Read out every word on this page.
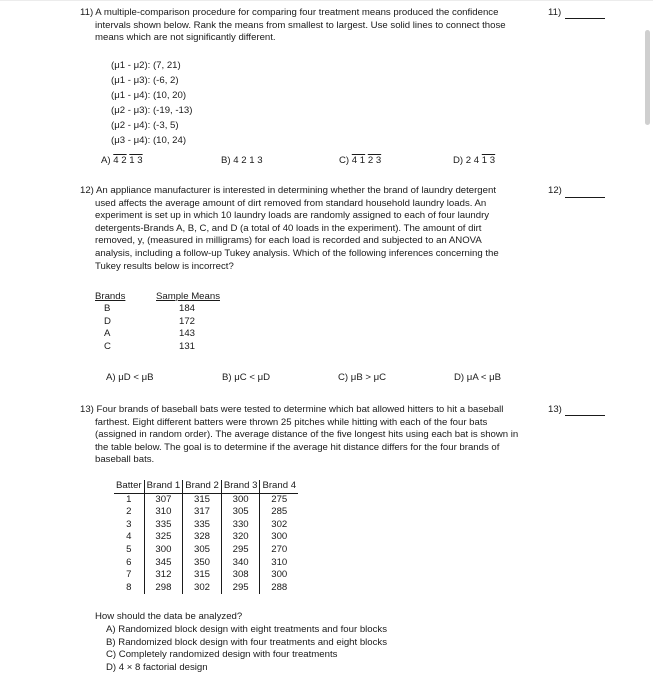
11) A multiple-comparison procedure for comparing four treatment means produced the confidence
intervals shown below. Rank the means from smallest to largest. Use solid lines to connect those
means which are not significantly different.
11)
(μ1 - μ2): (7, 21)
(μ1 - μ3): (-6, 2)
(μ1 - μ4): (10, 20)
(μ2 - μ3): (-19, -13)
(μ2 - μ4): (-3, 5)
(μ3 - μ4): (10, 24)
A) 4 2 1 3	B) 4 2 1 3	C) 4 1 2 3	D) 2 4 1 3
12) An appliance manufacturer is interested in determining whether the brand of laundry detergent
used affects the average amount of dirt removed from standard household laundry loads. An
experiment is set up in which 10 laundry loads are randomly assigned to each of four laundry
detergents-Brands A, B, C, and D (a total of 40 loads in the experiment). The amount of dirt
removed, y, (measured in milligrams) for each load is recorded and subjected to an ANOVA
analysis, including a follow-up Tukey analysis. Which of the following inferences concerning the
Tukey results below is incorrect?
12)
Brands	Sample Means
B	184
D	172
A	143
C	131
A) μD < μB	B) μC < μD	C) μB > μC	D) μA < μB
13) Four brands of baseball bats were tested to determine which bat allowed hitters to hit a baseball
farthest. Eight different batters were thrown 25 pitches while hitting with each of the four bats
(assigned in random order). The average distance of the five longest hits using each bat is shown in
the table below. The goal is to determine if the average hit distance differs for the four brands of
baseball bats.
13)
Batter	Brand 1	Brand 2	Brand 3	Brand 4
1	307	315	300	275
2	310	317	305	285
3	335	335	330	302
4	325	328	320	300
5	300	305	295	270
6	345	350	340	310
7	312	315	308	300
8	298	302	295	288
How should the data be analyzed?
A) Randomized block design with eight treatments and four blocks
B) Randomized block design with four treatments and eight blocks
C) Completely randomized design with four treatments
D) 4 × 8 factorial design
